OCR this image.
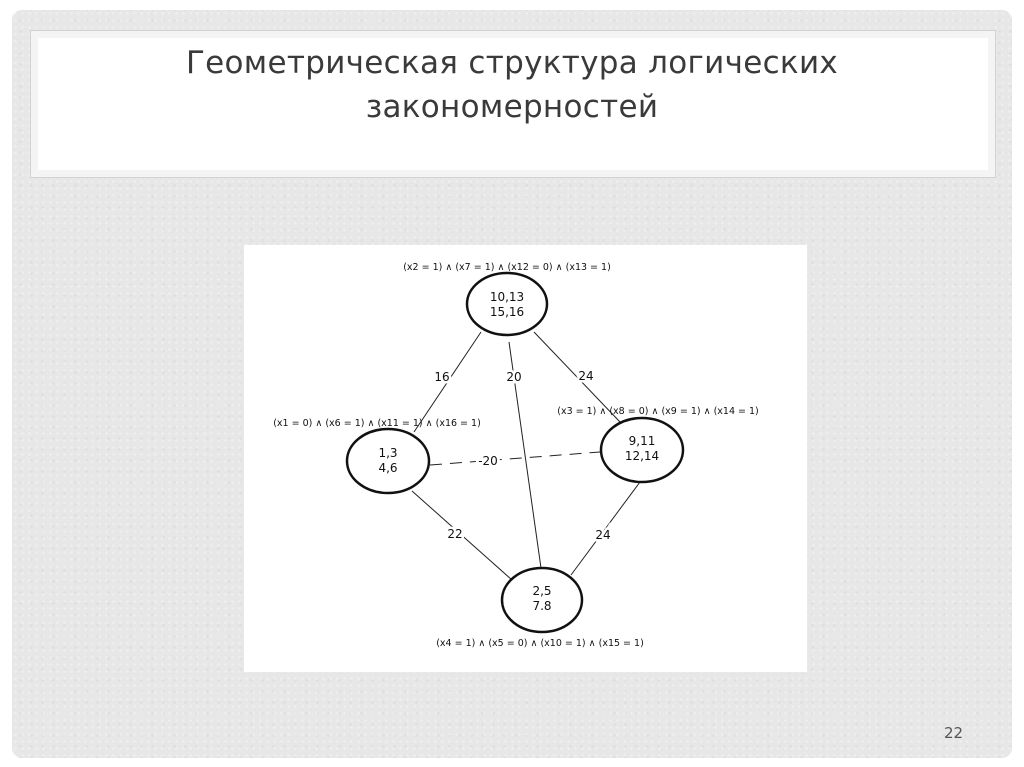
Геометрическая структура логических
закономерностей
16	20	24
-20
22	24
(x2 = 1) ∧ (x7 = 1) ∧ (x12 = 0) ∧ (x13 = 1)
10,13
15,16
(x1 = 0) ∧ (x6 = 1) ∧ (x11 = 1) ∧ (x16 = 1)
1,3
4,6
(x3 = 1) ∧ (x8 = 0) ∧ (x9 = 1) ∧ (x14 = 1)
9,11
12,14
2,5
7.8
(x4 = 1) ∧ (x5 = 0) ∧ (x10 = 1) ∧ (x15 = 1)
22
